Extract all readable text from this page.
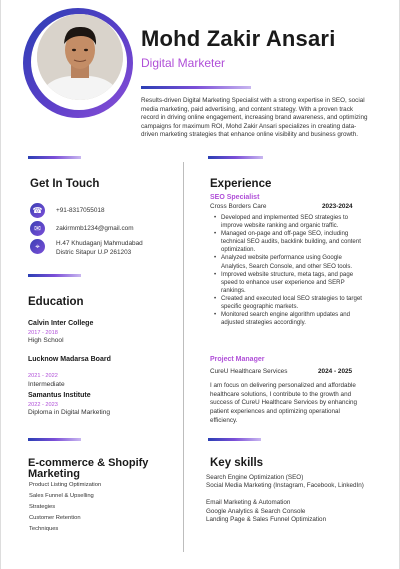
Mohd Zakir Ansari
Digital Marketer

Results-driven Digital Marketing Specialist with a strong expertise in SEO, social media marketing, paid advertising, and content strategy. With a proven track record in driving online engagement, increasing brand awareness, and optimizing campaigns for maximum ROI, Mohd Zakir Ansari specializes in creating data-driven marketing strategies that enhance online visibility and business growth.

Get In Touch
☎	+91-8317055018
✉	zakirmmb1234@gmail.com
⌖	H.47 Khudaganj Mahmudabad
Distric Sitapur U.P 261203
Education
Calvin Inter College
2017 - 2018
High School
Lucknow Madarsa Board
2021 - 2022
Intermediate
Samantus Institute
2022 - 2023
Diploma in Digital Marketing
E-commerce & Shopify Marketing
Product Listing Optimization
Sales Funnel & Upselling
Strategies
Customer Retention
Techniques
Experience
SEO Specialist
Cross Borders Care	2023-2024
• Developed and implemented SEO strategies to improve website ranking and organic traffic.
• Managed on-page and off-page SEO, including technical SEO audits, backlink building, and content optimization.
• Analyzed website performance using Google Analytics, Search Console, and other SEO tools.
• Improved website structure, meta tags, and page speed to enhance user experience and SERP rankings.
• Created and executed local SEO strategies to target specific geographic markets.
• Monitored search engine algorithm updates and adjusted strategies accordingly.
Project Manager
CureU Healthcare Services	2024 - 2025

I am focus on delivering personalized and affordable healthcare solutions, I contribute to the growth and success of CureU Healthcare Services by enhancing patient experiences and optimizing operational efficiency.

Key skills
Search Engine Optimization (SEO)
Social Media Marketing (Instagram, Facebook, LinkedIn)
Email Marketing & Automation
Google Analytics & Search Console
Landing Page & Sales Funnel Optimization
